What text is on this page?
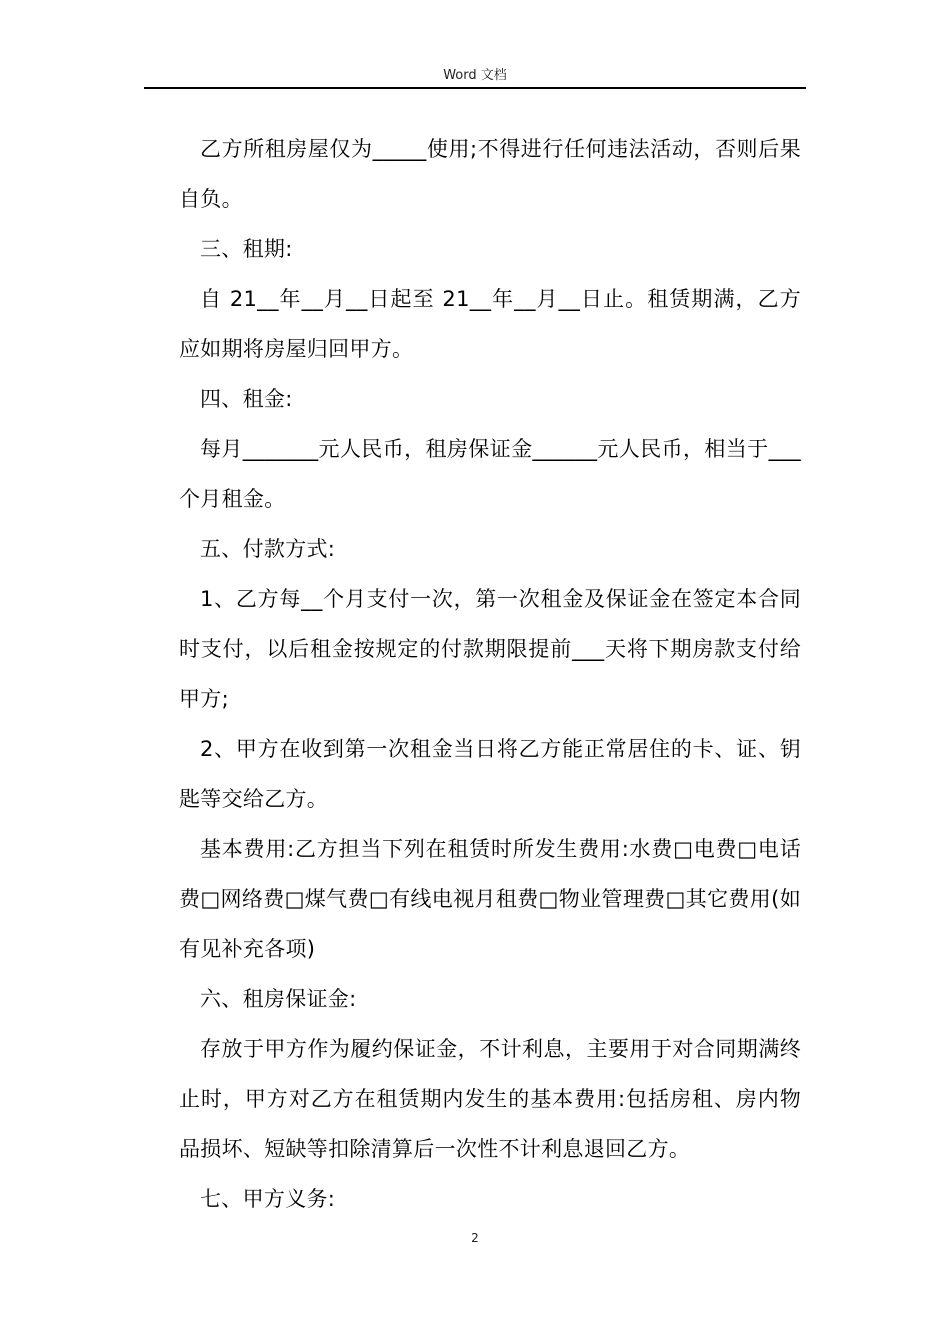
Word 文档

乙方所租房屋仅为_____使用;不得进行任何违法活动，否则后果自负。

三、租期:

自 21__年__月__日起至 21__年__月__日止。租赁期满，乙方应如期将房屋归回甲方。

四、租金:

每月_______元人民币，租房保证金______元人民币，相当于___个月租金。

五、付款方式:

1、乙方每__个月支付一次，第一次租金及保证金在签定本合同时支付，以后租金按规定的付款期限提前___天将下期房款支付给甲方;

2、甲方在收到第一次租金当日将乙方能正常居住的卡、证、钥匙等交给乙方。

基本费用:乙方担当下列在租赁时所发生费用:水费□电费□电话费□网络费□煤气费□有线电视月租费□物业管理费□其它费用(如有见补充各项)

六、租房保证金:

存放于甲方作为履约保证金，不计利息，主要用于对合同期满终止时，甲方对乙方在租赁期内发生的基本费用:包括房租、房内物品损坏、短缺等扣除清算后一次性不计利息退回乙方。

七、甲方义务:

2
